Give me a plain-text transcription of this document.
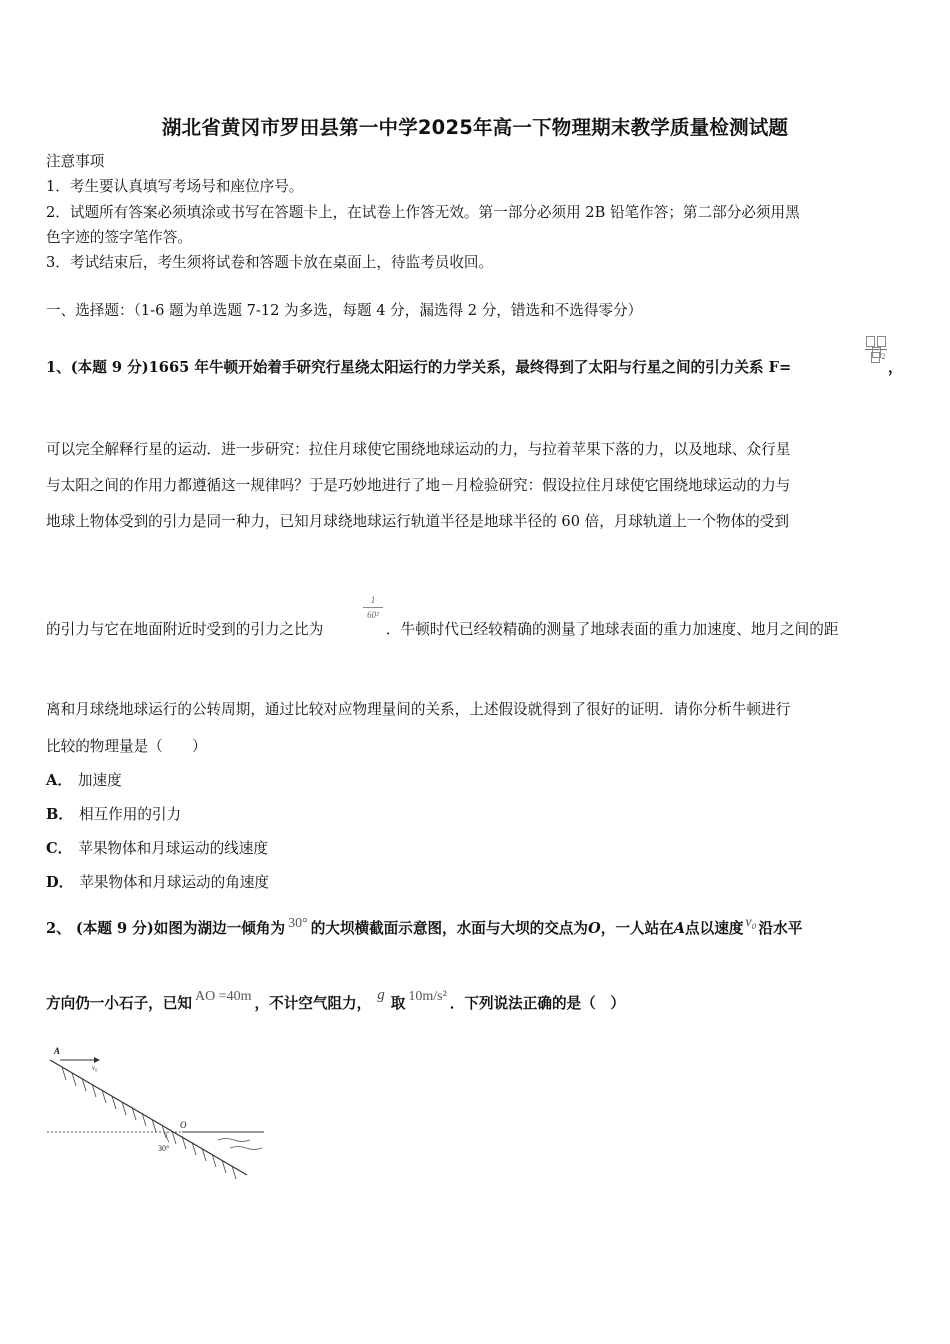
湖北省黄冈市罗田县第一中学2025年高一下物理期末教学质量检测试题
注意事项
1．考生要认真填写考场号和座位序号。
2．试题所有答案必须填涂或书写在答题卡上，在试卷上作答无效。第一部分必须用 2B 铅笔作答；第二部分必须用黑
色字迹的签字笔作答。
3．考试结束后，考生须将试卷和答题卡放在桌面上，待监考员收回。
一、选择题：（1-6 题为单选题 7-12 为多选，每题 4 分，漏选得 2 分，错选和不选得零分）
1、(本题 9 分)1665 年牛顿开始着手研究行星绕太阳运行的力学关系，最终得到了太阳与行星之间的引力关系 F=
$^2$
，
可以完全解释行星的运动．进一步研究：拉住月球使它围绕地球运动的力，与拉着苹果下落的力，以及地球、众行星
与太阳之间的作用力都遵循这一规律吗？于是巧妙地进行了地－月检验研究：假设拉住月球使它围绕地球运动的力与
地球上物体受到的引力是同一种力，已知月球绕地球运行轨道半径是地球半径的 60 倍，月球轨道上一个物体的受到
的引力与它在地面附近时受到的引力之比为
1
60²
．牛顿时代已经较精确的测量了地球表面的重力加速度、地月之间的距
离和月球绕地球运行的公转周期，通过比较对应物理量间的关系，上述假设就得到了很好的证明．请你分析牛顿进行
比较的物理量是（　　）
A． 加速度
B． 相互作用的引力
C． 苹果物体和月球运动的线速度
D． 苹果物体和月球运动的角速度
2、 (本题 9 分)如图为湖边一倾角为 30° 的大坝横截面示意图，水面与大坝的交点为O，一人站在A点以速度 v₀ 沿水平
方向仍一小石子，已知 AO =40m ，不计空气阻力， g 取 10m/s² ．下列说法正确的是（　）
A
v₀
O
30°
